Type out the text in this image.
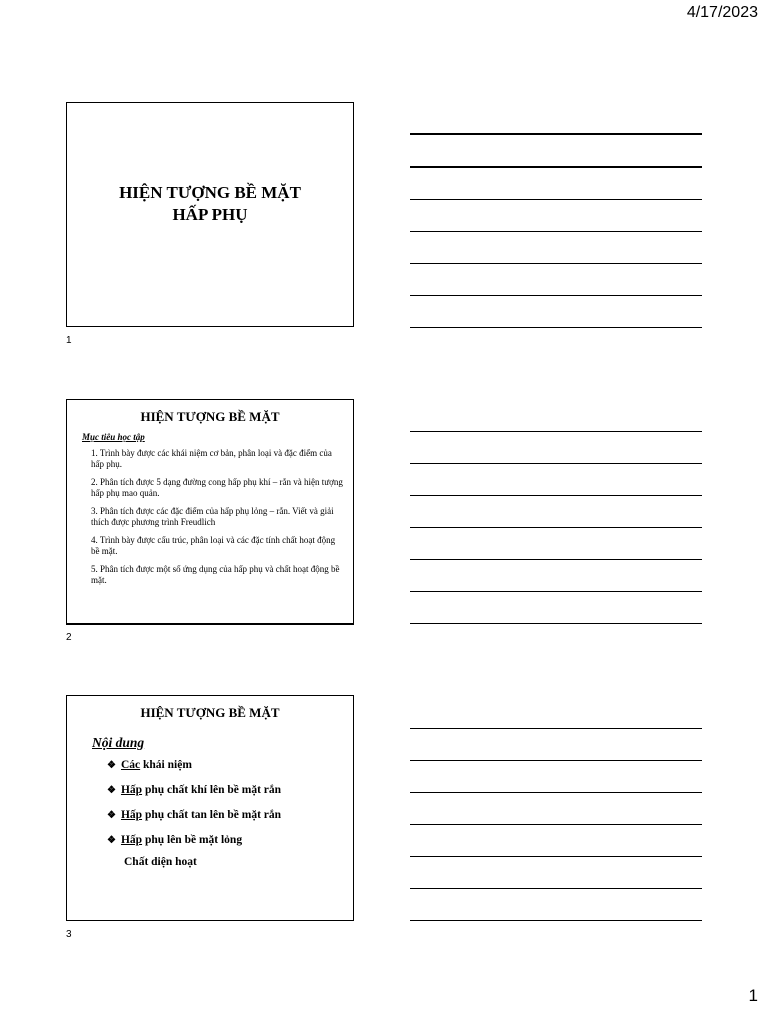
4/17/2023
HIỆN TƯỢNG BỀ MẶT
HẤP PHỤ
1
HIỆN TƯỢNG BỀ MẶT
Mục tiêu học tập
1. Trình bày được các khái niệm cơ bản, phân loại và đặc điểm của hấp phụ.
2. Phân tích được 5 dạng đường cong hấp phụ khí – rắn và hiện tượng hấp phụ mao quản.
3. Phân tích được các đặc điểm của hấp phụ lỏng – rắn. Viết và giải thích được phương trình Freudlich
4. Trình bày được cấu trúc, phân loại và các đặc tính chất hoạt động bề mặt.
5. Phân tích được một số ứng dụng của hấp phụ và chất hoạt động bề mặt.
2
HIỆN TƯỢNG BỀ MẶT
Nội dung
❖ Các khái niệm
❖ Hấp phụ chất khí lên bề mặt rắn
❖ Hấp phụ chất tan lên bề mặt rắn
❖ Hấp phụ lên bề mặt lỏng
Chất diện hoạt
3
1
